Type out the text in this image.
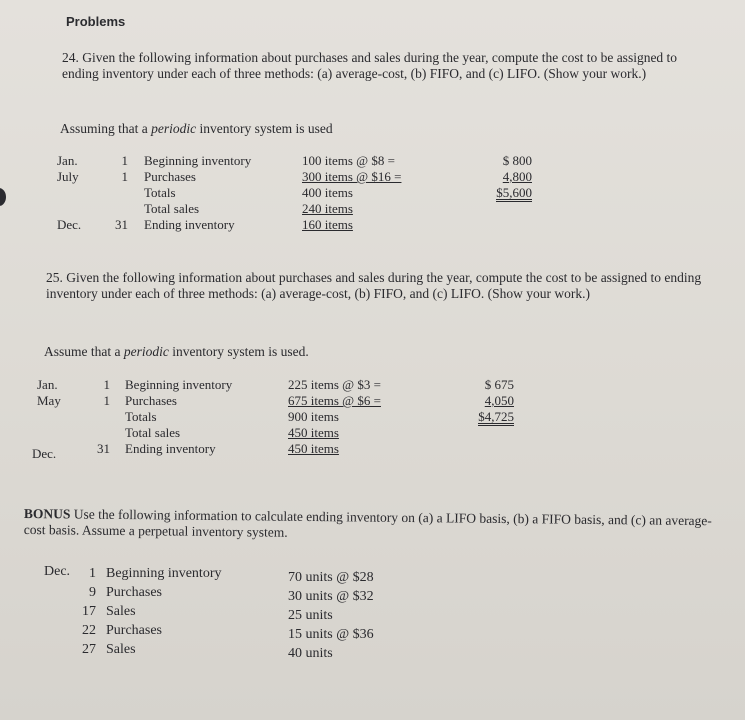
Problems
24. Given the following information about purchases and sales during the year, compute the cost to be assigned to ending inventory under each of three methods: (a) average-cost, (b) FIFO, and (c) LIFO. (Show your work.)
Assuming that a periodic inventory system is used
Jan.
July
Dec.
1
1
31
Beginning inventory
Purchases
Totals
Total sales
Ending inventory
100 items @ $8 =
300 items @ $16 =
400 items
240 items
160 items
$ 800
4,800
$5,600
25. Given the following information about purchases and sales during the year, compute the cost to be assigned to ending inventory under each of three methods: (a) average-cost, (b) FIFO, and (c) LIFO. (Show your work.)
Assume that a periodic inventory system is used.
Jan.
May
Dec.
1
1
31
Beginning inventory
Purchases
Totals
Total sales
Ending inventory
225 items @ $3 =
675 items @ $6 =
900 items
450 items
450 items
$ 675
4,050
$4,725
BONUS Use the following information to calculate ending inventory on (a) a LIFO basis, (b) a FIFO basis, and (c) an average-cost basis. Assume a perpetual inventory system.
Dec.	1
9
17
22
27
Beginning inventory
Purchases
Sales
Purchases
Sales
70 units @ $28
30 units @ $32
25 units
15 units @ $36
40 units
